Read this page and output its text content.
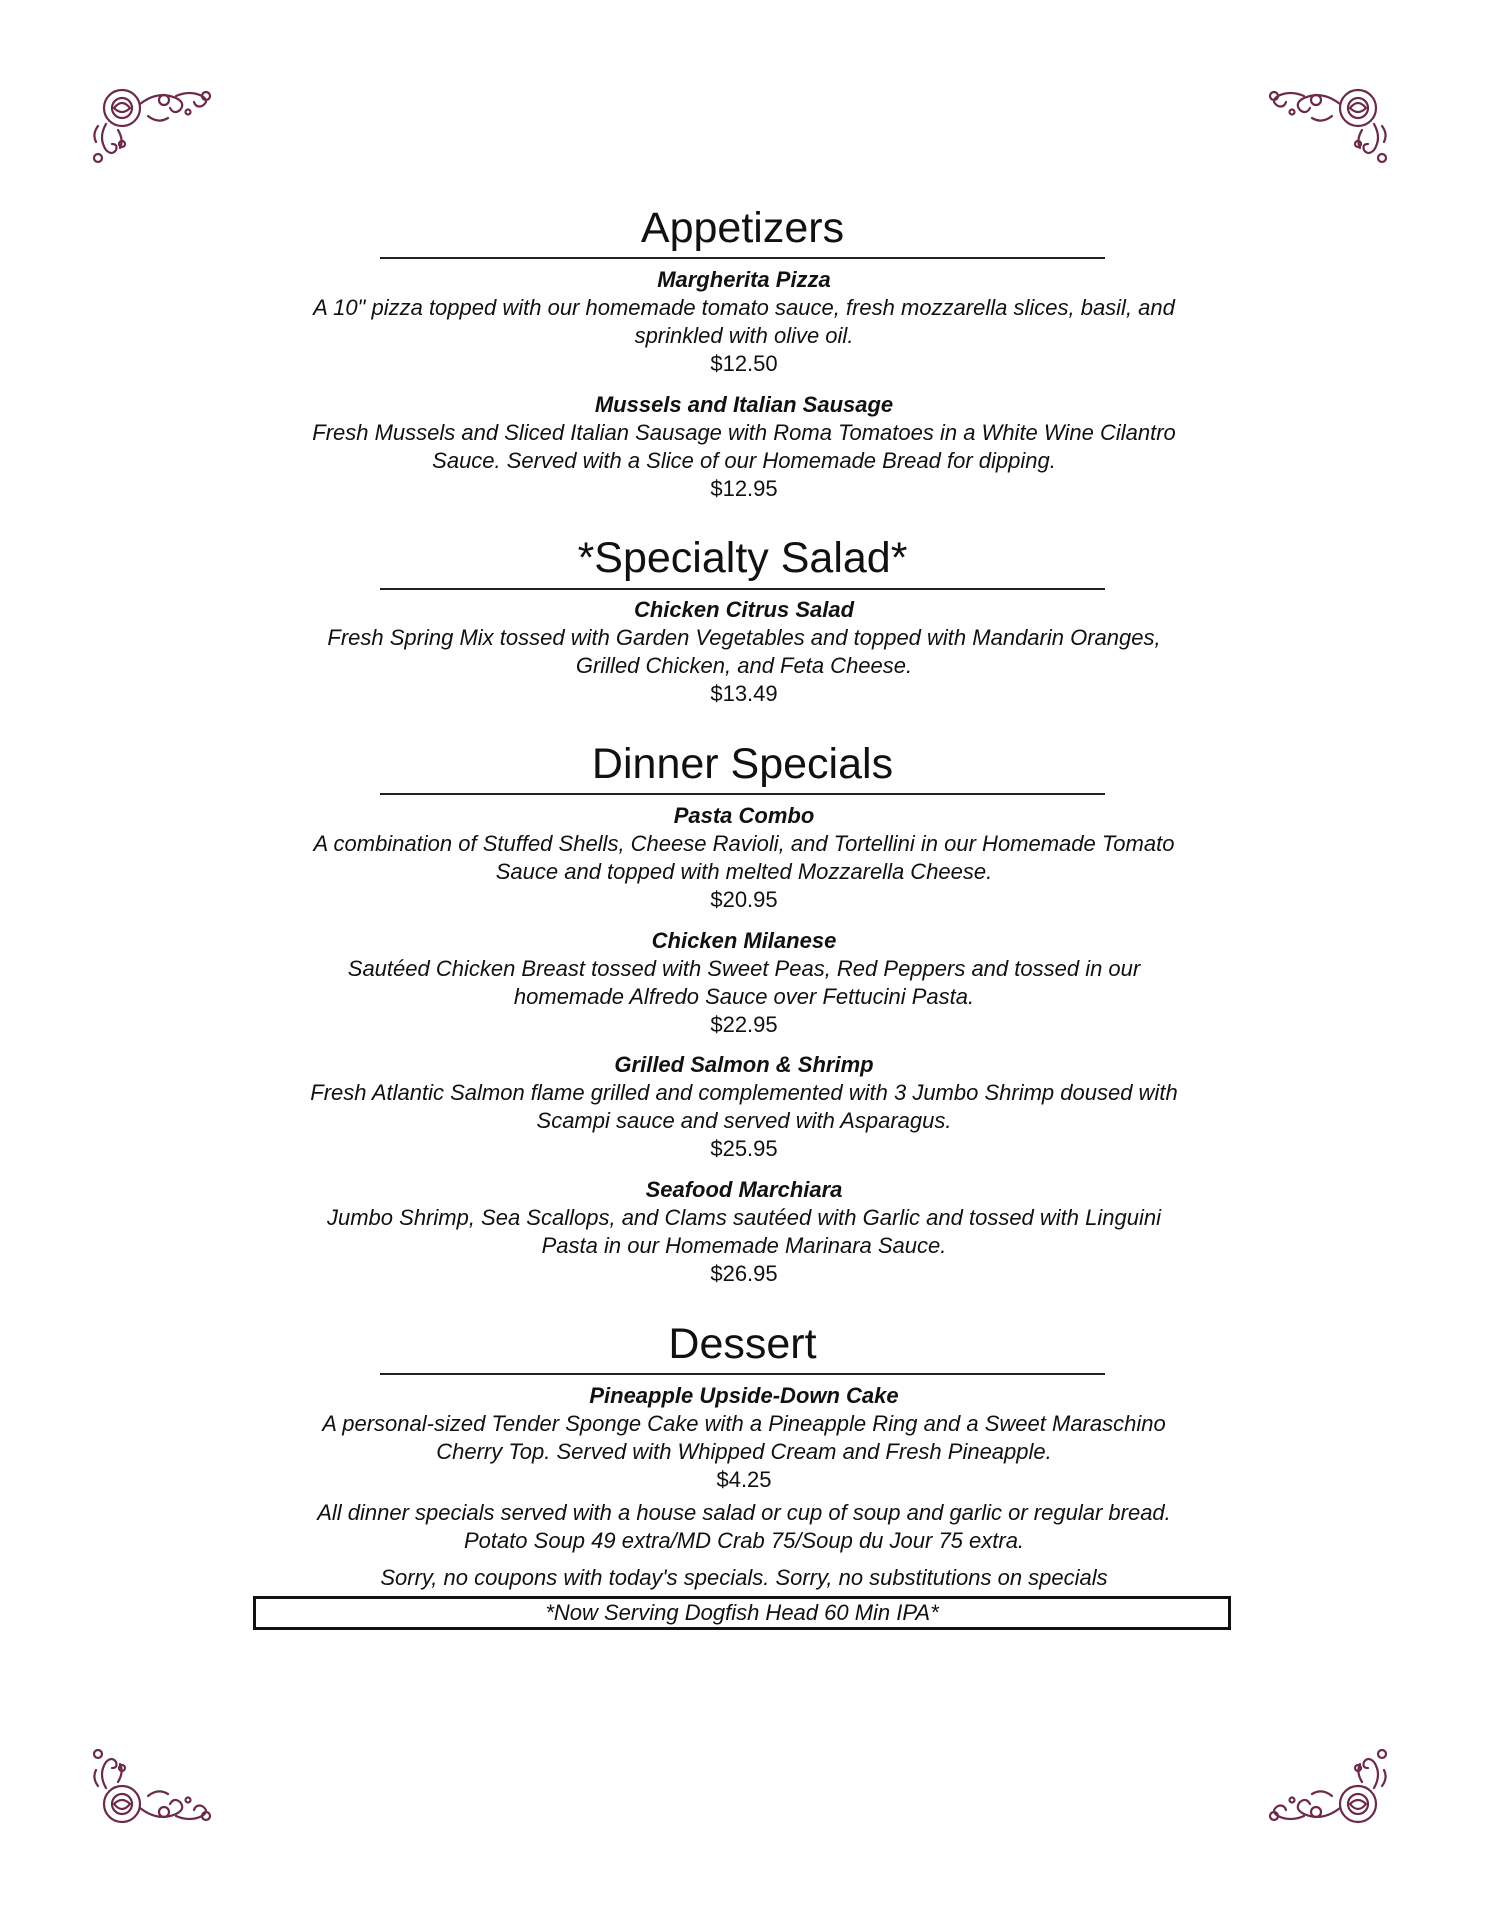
Appetizers
Margherita Pizza
A 10" pizza topped with our homemade tomato sauce, fresh mozzarella slices, basil, and
sprinkled with olive oil.
$12.50
Mussels and Italian Sausage
Fresh Mussels and Sliced Italian Sausage with Roma Tomatoes in a White Wine Cilantro
Sauce. Served with a Slice of our Homemade Bread for dipping.
$12.95
*Specialty Salad*
Chicken Citrus Salad
Fresh Spring Mix tossed with Garden Vegetables and topped with Mandarin Oranges,
Grilled Chicken, and Feta Cheese.
$13.49
Dinner Specials
Pasta Combo
A combination of Stuffed Shells, Cheese Ravioli, and Tortellini in our Homemade Tomato
Sauce and topped with melted Mozzarella Cheese.
$20.95
Chicken Milanese
Sautéed Chicken Breast tossed with Sweet Peas, Red Peppers and tossed in our
homemade Alfredo Sauce over Fettucini Pasta.
$22.95
Grilled Salmon & Shrimp
Fresh Atlantic Salmon flame grilled and complemented with 3 Jumbo Shrimp doused with
Scampi sauce and served with Asparagus.
$25.95
Seafood Marchiara
Jumbo Shrimp, Sea Scallops, and Clams sautéed with Garlic and tossed with Linguini
Pasta in our Homemade Marinara Sauce.
$26.95
Dessert
Pineapple Upside-Down Cake
A personal-sized Tender Sponge Cake with a Pineapple Ring and a Sweet Maraschino
Cherry Top. Served with Whipped Cream and Fresh Pineapple.
$4.25
All dinner specials served with a house salad or cup of soup and garlic or regular bread.
Potato Soup 49 extra/MD Crab 75/Soup du Jour 75 extra.
Sorry, no coupons with today's specials. Sorry, no substitutions on specials
*Now Serving Dogfish Head 60 Min IPA*
